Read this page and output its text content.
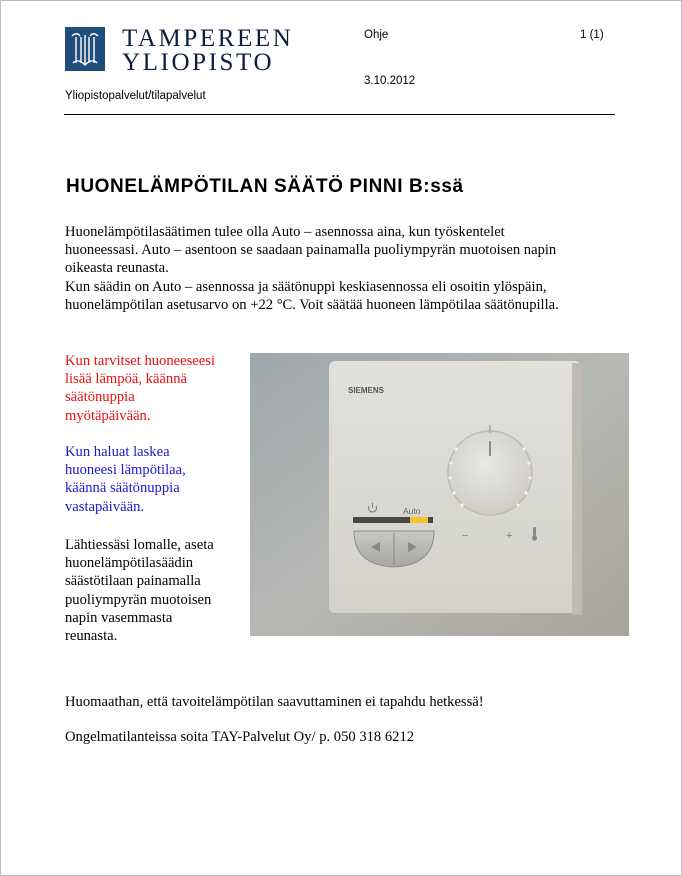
TAMPEREEN
YLIOPISTO
Yliopistopalvelut/tilapalvelut
Ohje	1 (1)
3.10.2012
HUONELÄMPÖTILAN SÄÄTÖ PINNI B:ssä
Huonelämpötilasäätimen tulee olla Auto – asennossa aina, kun työskentelet
huoneessasi. Auto – asentoon se saadaan painamalla puoliympyrän muotoisen napin
oikeasta reunasta.
Kun säädin on Auto – asennossa ja säätönuppi keskiasennossa eli osoitin ylöspäin,
huonelämpötilan asetusarvo on +22 °C. Voit säätää huoneen lämpötilaa säätönupilla.
Kun tarvitset huoneeseesi
lisää lämpöä, käännä
säätönuppia
myötäpäivään.
Kun haluat laskea
huoneesi lämpötilaa,
käännä säätönuppia
vastapäivään.
Lähtiessäsi lomalle, aseta
huonelämpötilasäädin
säästötilaan painamalla
puoliympyrän muotoisen
napin vasemmasta
reunasta.
SIEMENS
−	+
Auto
Huomaathan, että tavoitelämpötilan saavuttaminen ei tapahdu hetkessä!
Ongelmatilanteissa soita TAY-Palvelut Oy/ p. 050 318 6212
